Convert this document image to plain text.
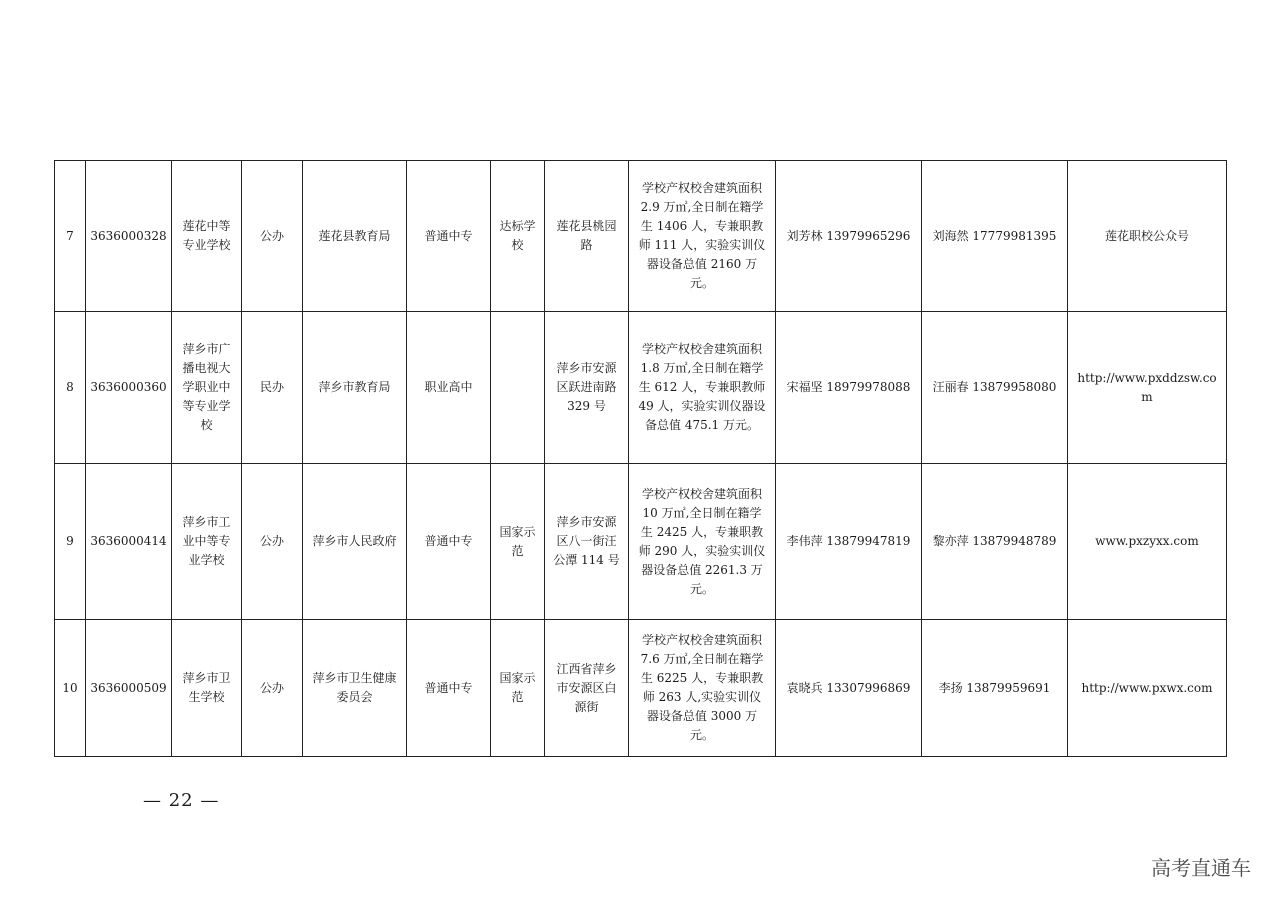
7	3636000328	莲花中等专业学校	公办	莲花县教育局	普通中专	达标学校	莲花县桃园路	学校产权校舍建筑面积 2.9 万㎡,全日制在籍学生 1406 人，专兼职教师 111 人，实验实训仪器设备总值 2160 万元。	刘芳林 13979965296	刘海然 17779981395	莲花职校公众号
8	3636000360	萍乡市广播电视大学职业中等专业学校	民办	萍乡市教育局	职业高中		萍乡市安源区跃进南路 329 号	学校产权校舍建筑面积 1.8 万㎡,全日制在籍学生 612 人，专兼职教师 49 人，实验实训仪器设备总值 475.1 万元。	宋福坚 18979978088	汪丽春 13879958080	http://www.pxddzsw.com
9	3636000414	萍乡市工业中等专业学校	公办	萍乡市人民政府	普通中专	国家示范	萍乡市安源区八一街汪公潭 114 号	学校产权校舍建筑面积 10 万㎡,全日制在籍学生 2425 人，专兼职教师 290 人，实验实训仪器设备总值 2261.3 万元。	李伟萍 13879947819	黎亦萍 13879948789	www.pxzyxx.com
10	3636000509	萍乡市卫生学校	公办	萍乡市卫生健康委员会	普通中专	国家示范	江西省萍乡市安源区白源街	学校产权校舍建筑面积 7.6 万㎡,全日制在籍学生 6225 人，专兼职教师 263 人,实验实训仪器设备总值 3000 万元。	袁晓兵 13307996869	李扬 13879959691	http://www.pxwx.com
— 22 —
高考直通车
